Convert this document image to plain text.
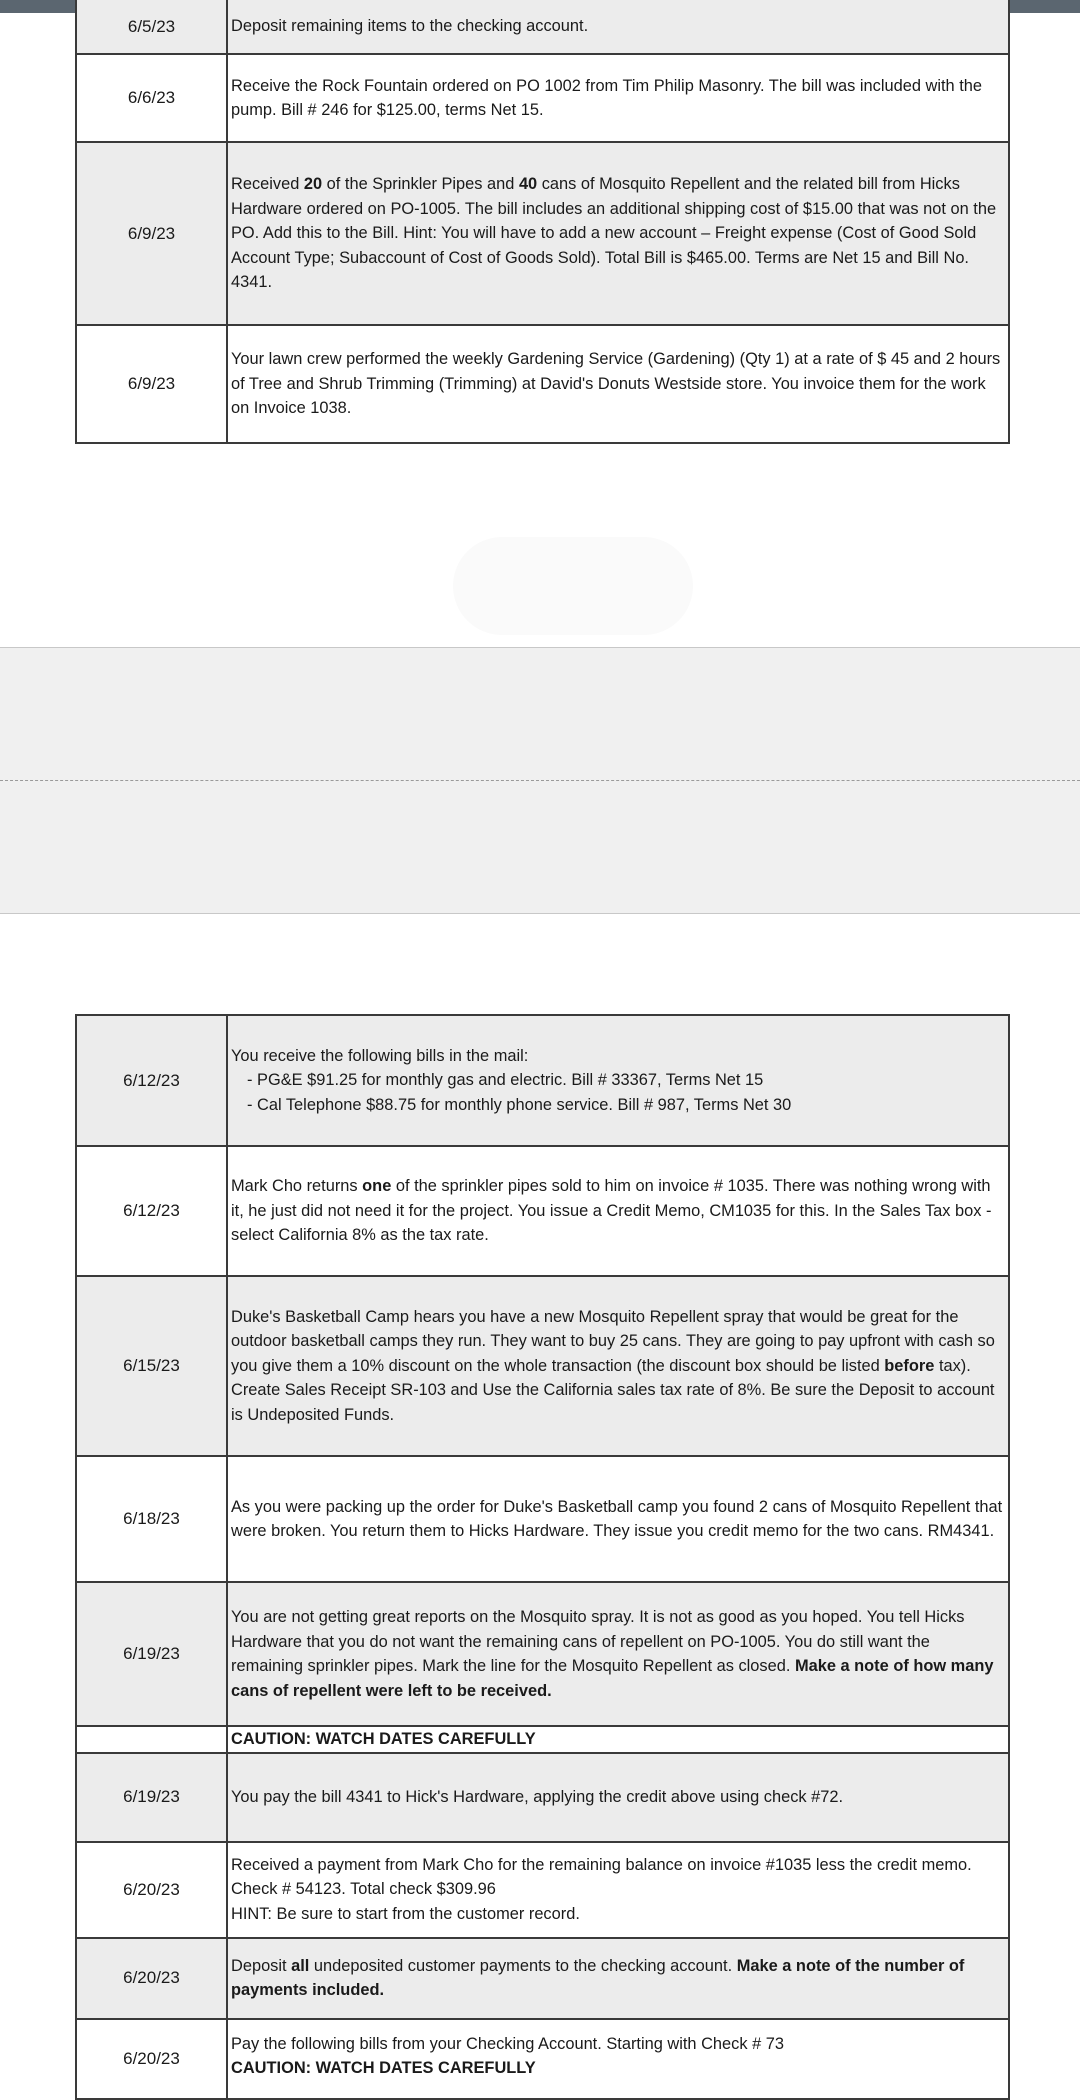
6/5/23	Deposit remaining items to the checking account.
6/6/23	Receive the Rock Fountain ordered on PO 1002 from Tim Philip Masonry. The bill was included with the pump. Bill # 246 for $125.00, terms Net 15.
6/9/23	Received 20 of the Sprinkler Pipes and 40 cans of Mosquito Repellent and the related bill from Hicks Hardware ordered on PO-1005. The bill includes an additional shipping cost of $15.00 that was not on the PO. Add this to the Bill. Hint: You will have to add a new account – Freight expense (Cost of Good Sold Account Type; Subaccount of Cost of Goods Sold). Total Bill is $465.00. Terms are Net 15 and Bill No. 4341.
6/9/23	Your lawn crew performed the weekly Gardening Service (Gardening) (Qty 1) at a rate of $ 45 and 2 hours of Tree and Shrub Trimming (Trimming) at David's Donuts Westside store. You invoice them for the work on Invoice 1038.
6/12/23	You receive the following bills in the mail:
- PG&E $91.25 for monthly gas and electric. Bill # 33367, Terms Net 15
- Cal Telephone $88.75 for monthly phone service. Bill # 987, Terms Net 30

6/12/23	Mark Cho returns one of the sprinkler pipes sold to him on invoice # 1035. There was nothing wrong with it, he just did not need it for the project. You issue a Credit Memo, CM1035 for this. In the Sales Tax box - select California 8% as the tax rate.
6/15/23	Duke's Basketball Camp hears you have a new Mosquito Repellent spray that would be great for the outdoor basketball camps they run. They want to buy 25 cans. They are going to pay upfront with cash so you give them a 10% discount on the whole transaction (the discount box should be listed before tax). Create Sales Receipt SR-103 and Use the California sales tax rate of 8%. Be sure the Deposit to account is Undeposited Funds.
6/18/23	As you were packing up the order for Duke's Basketball camp you found 2 cans of Mosquito Repellent that were broken. You return them to Hicks Hardware. They issue you credit memo for the two cans. RM4341.
6/19/23	You are not getting great reports on the Mosquito spray. It is not as good as you hoped. You tell Hicks Hardware that you do not want the remaining cans of repellent on PO-1005. You do still want the remaining sprinkler pipes. Mark the line for the Mosquito Repellent as closed. Make a note of how many cans of repellent were left to be received.
	CAUTION: WATCH DATES CAREFULLY
6/19/23	You pay the bill 4341 to Hick's Hardware, applying the credit above using check #72.
6/20/23	Received a payment from Mark Cho for the remaining balance on invoice #1035 less the credit memo. Check # 54123. Total check $309.96
HINT: Be sure to start from the customer record.
6/20/23	Deposit all undeposited customer payments to the checking account. Make a note of the number of payments included.
6/20/23	Pay the following bills from your Checking Account. Starting with Check # 73
CAUTION: WATCH DATES CAREFULLY
